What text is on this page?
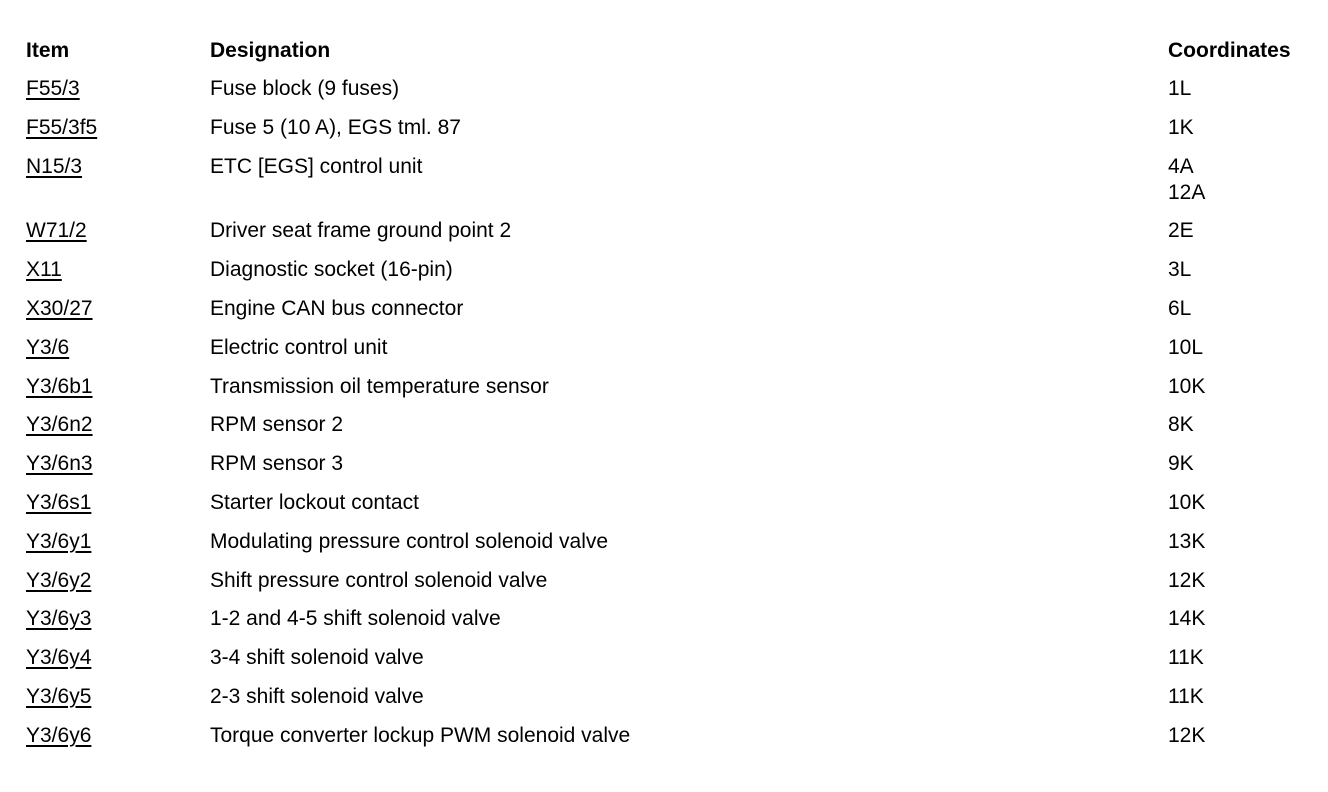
Item	Designation	Coordinates
F55/3	Fuse block (9 fuses)	1L
F55/3f5	Fuse 5 (10 A), EGS tml. 87	1K
N15/3	ETC [EGS] control unit	4A
12A
W71/2	Driver seat frame ground point 2	2E
X11	Diagnostic socket (16-pin)	3L
X30/27	Engine CAN bus connector	6L
Y3/6	Electric control unit	10L
Y3/6b1	Transmission oil temperature sensor	10K
Y3/6n2	RPM sensor 2	8K
Y3/6n3	RPM sensor 3	9K
Y3/6s1	Starter lockout contact	10K
Y3/6y1	Modulating pressure control solenoid valve	13K
Y3/6y2	Shift pressure control solenoid valve	12K
Y3/6y3	1-2 and 4-5 shift solenoid valve	14K
Y3/6y4	3-4 shift solenoid valve	11K
Y3/6y5	2-3 shift solenoid valve	11K
Y3/6y6	Torque converter lockup PWM solenoid valve	12K
